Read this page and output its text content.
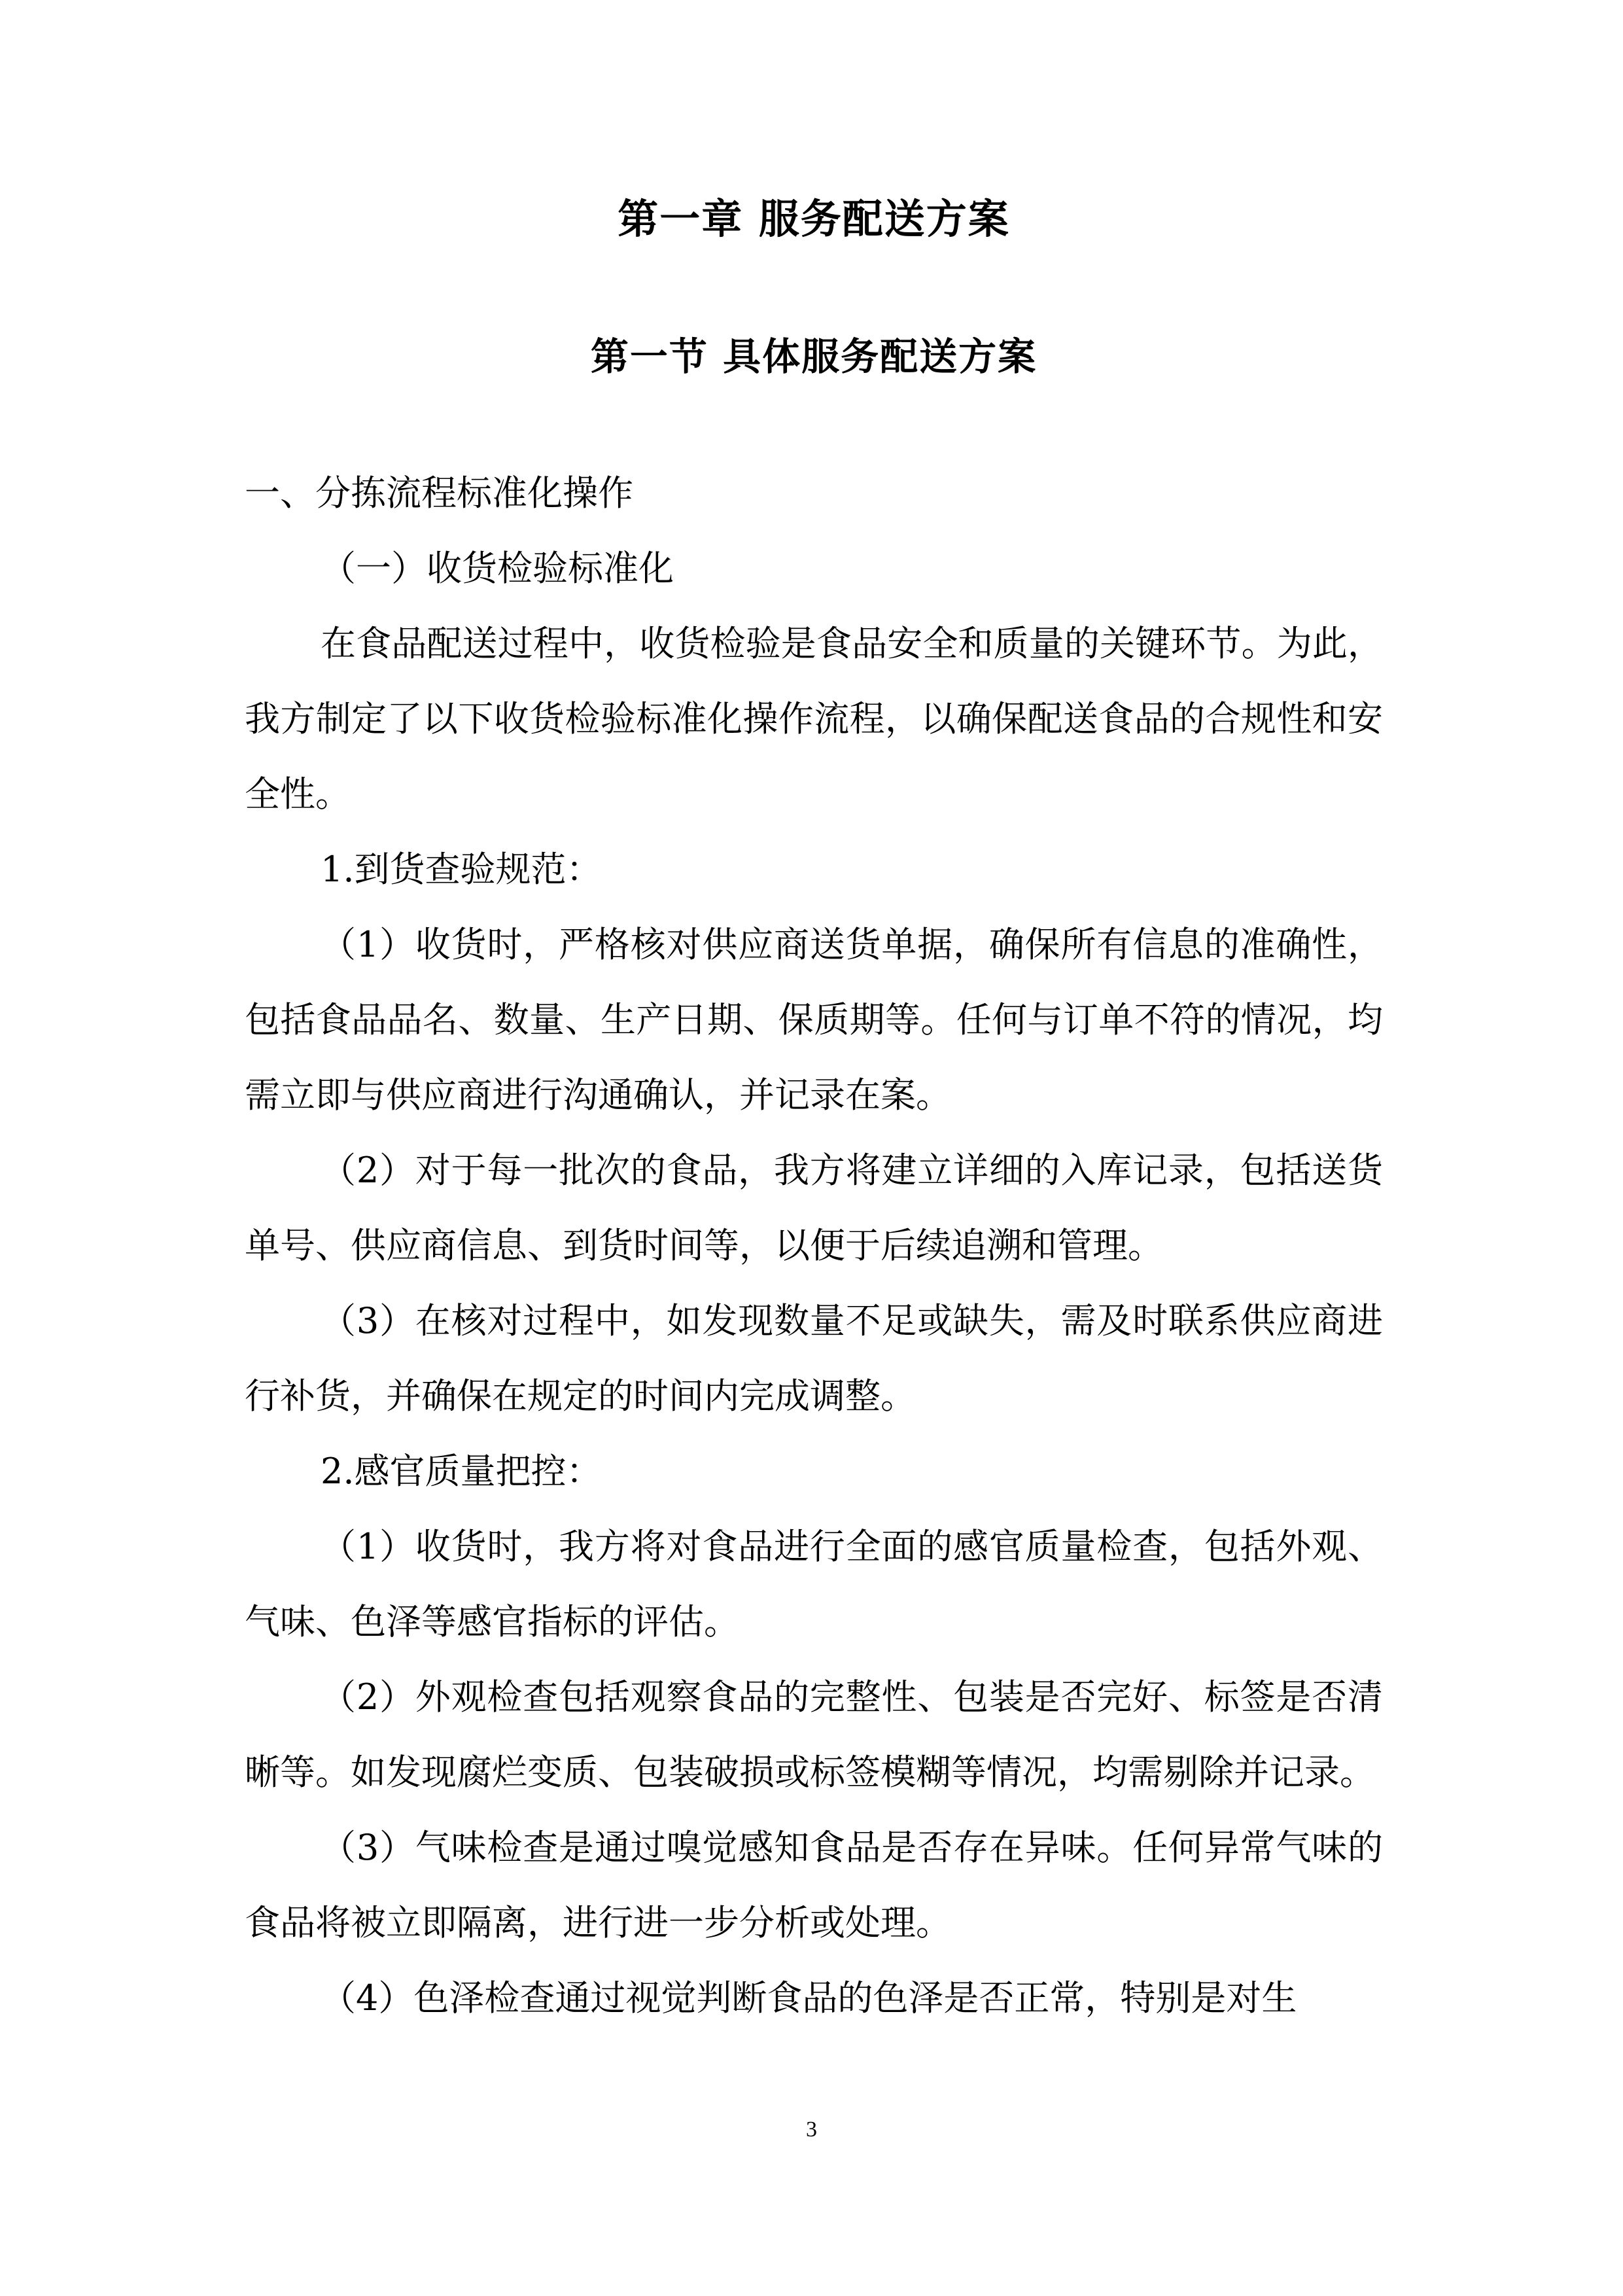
第一章 服务配送方案
第一节 具体服务配送方案

一、分拣流程标准化操作

（一）收货检验标准化

在食品配送过程中，收货检验是食品安全和质量的关键环节。为此，我方制定了以下收货检验标准化操作流程，以确保配送食品的合规性和安全性。

1.到货查验规范：

（1）收货时，严格核对供应商送货单据，确保所有信息的准确性，包括食品品名、数量、生产日期、保质期等。任何与订单不符的情况，均需立即与供应商进行沟通确认，并记录在案。

（2）对于每一批次的食品，我方将建立详细的入库记录，包括送货单号、供应商信息、到货时间等，以便于后续追溯和管理。

（3）在核对过程中，如发现数量不足或缺失，需及时联系供应商进行补货，并确保在规定的时间内完成调整。

2.感官质量把控：

（1）收货时，我方将对食品进行全面的感官质量检查，包括外观、气味、色泽等感官指标的评估。

（2）外观检查包括观察食品的完整性、包装是否完好、标签是否清晰等。如发现腐烂变质、包装破损或标签模糊等情况，均需剔除并记录。

（3）气味检查是通过嗅觉感知食品是否存在异味。任何异常气味的食品将被立即隔离，进行进一步分析或处理。

（4）色泽检查通过视觉判断食品的色泽是否正常，特别是对生

3
